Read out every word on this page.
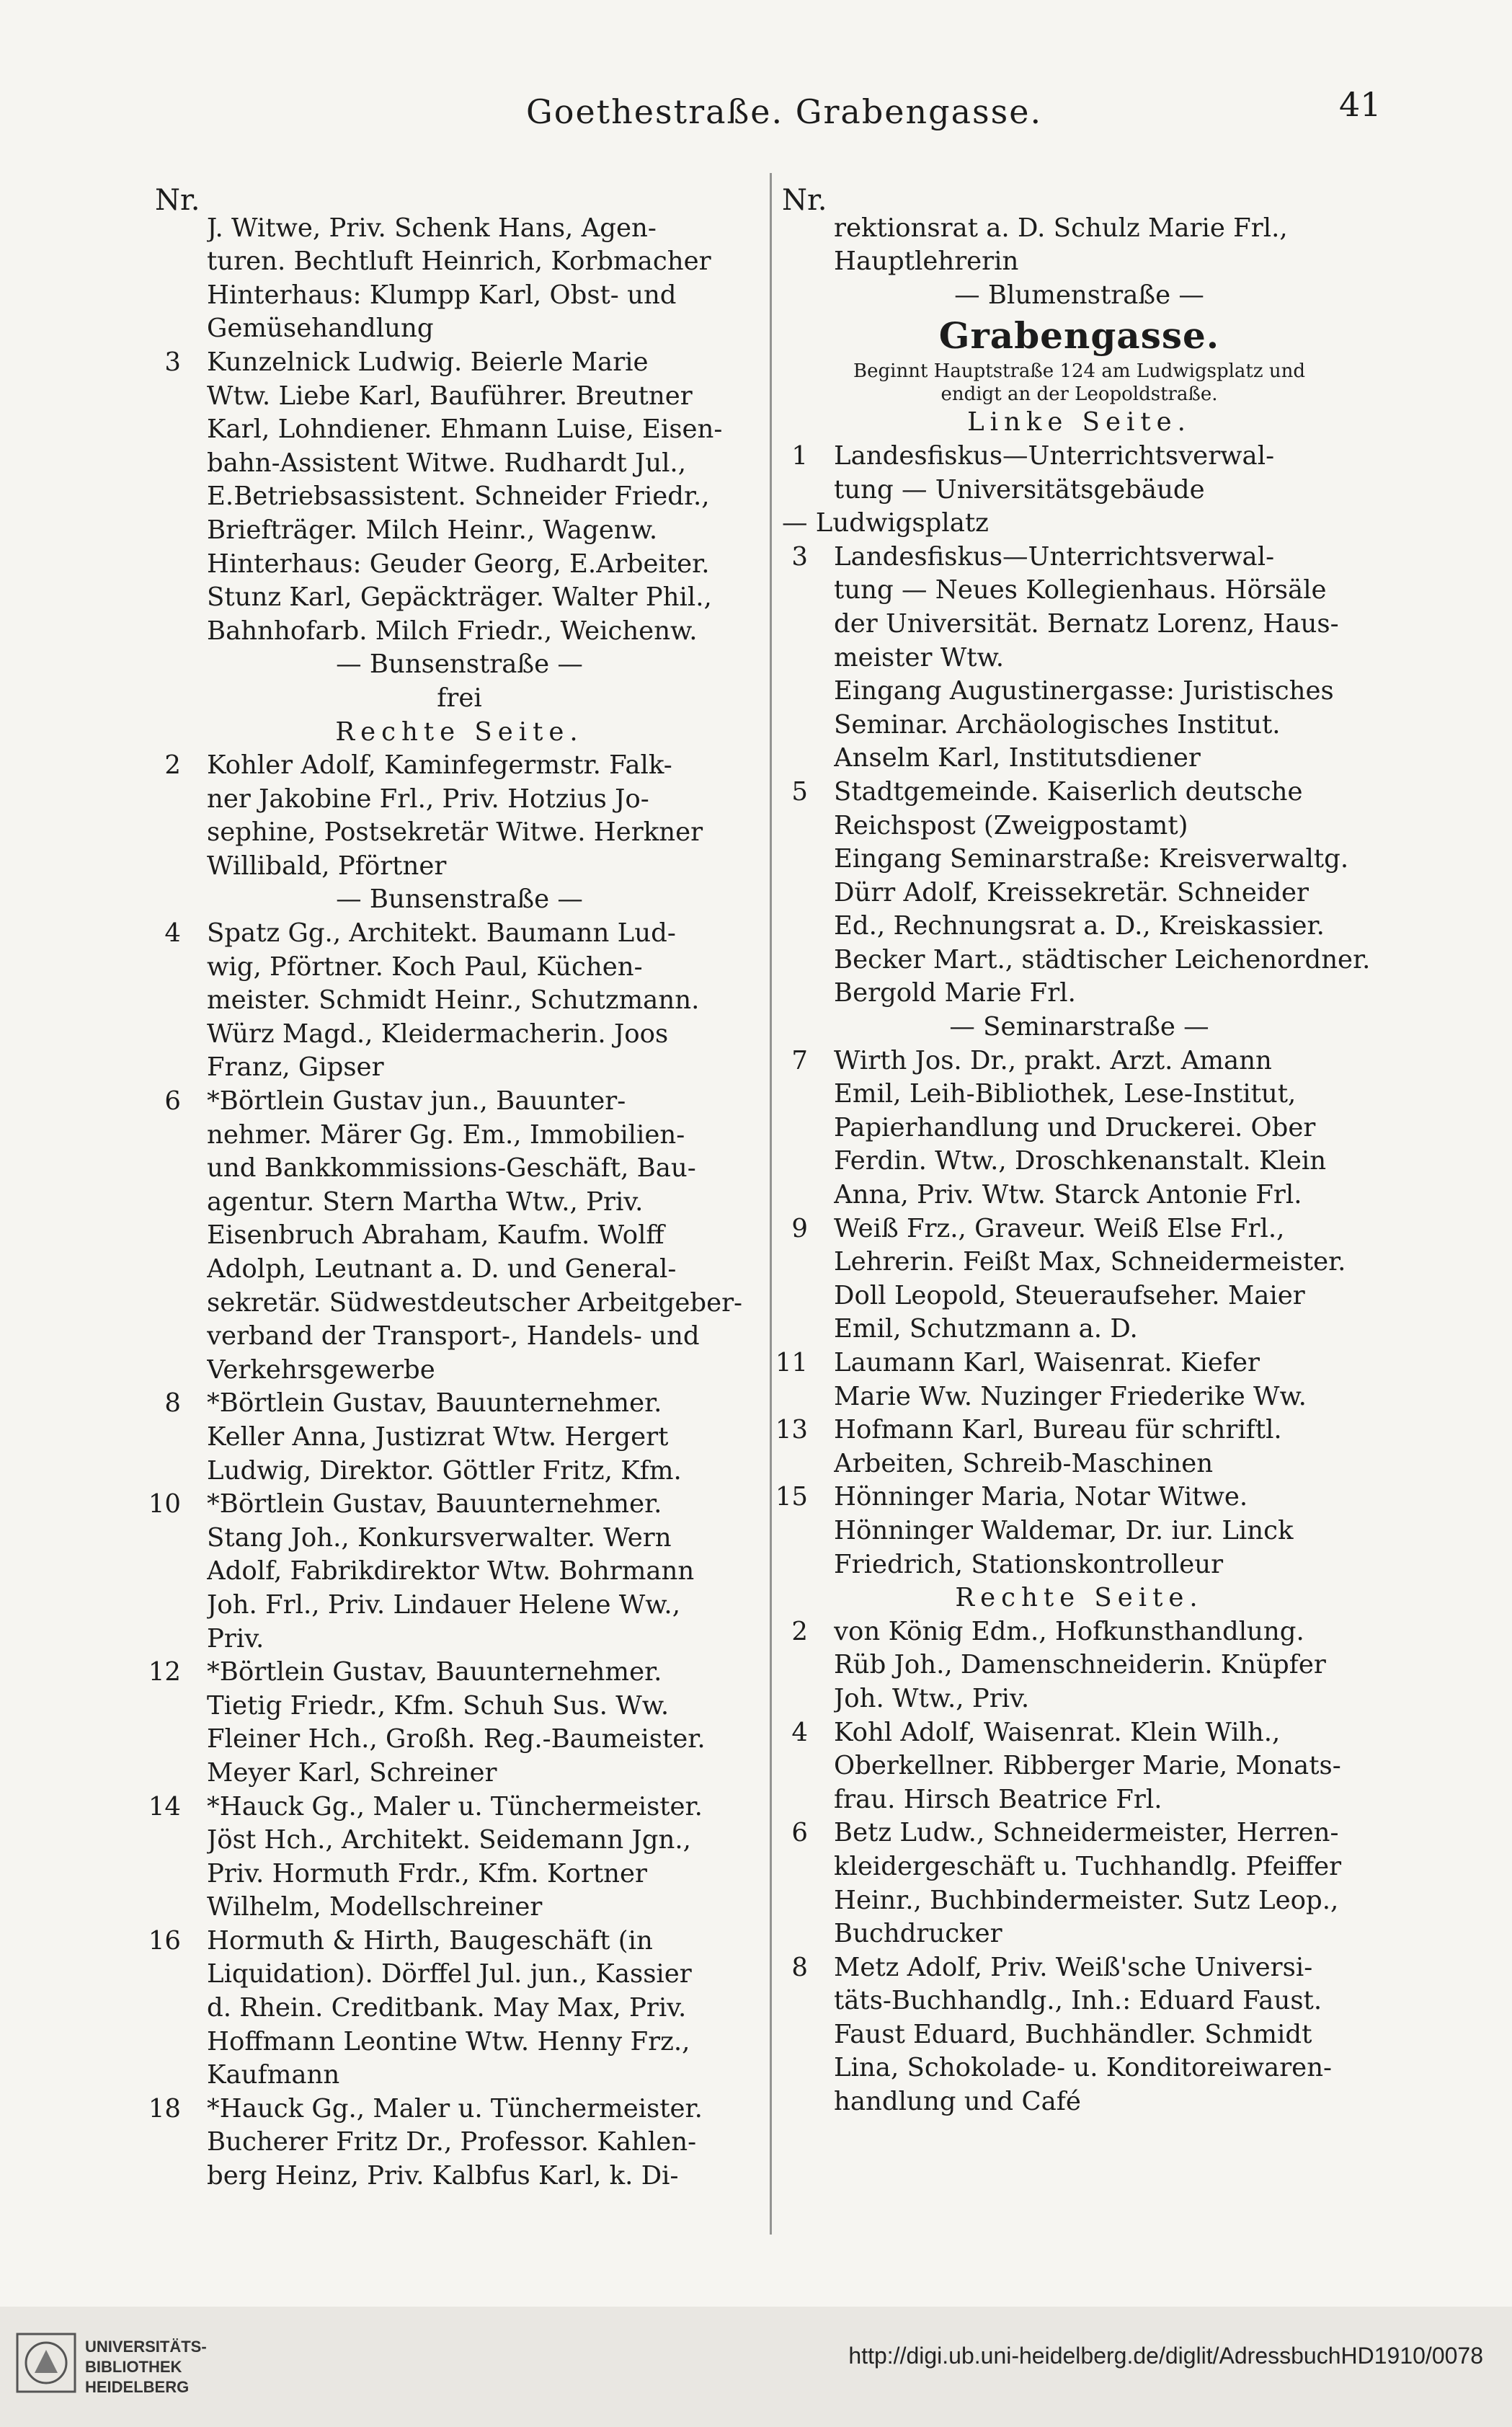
Goethestraße. Grabengasse.	41
Nr.
J. Witwe, Priv. Schenk Hans, Agen-
turen. Bechtluft Heinrich, Korbmacher
Hinterhaus: Klumpp Karl, Obst- und
Gemüsehandlung
3 Kunzelnick Ludwig. Beierle Marie
Wtw. Liebe Karl, Bauführer. Breutner
Karl, Lohndiener. Ehmann Luise, Eisen-
bahn-Assistent Witwe. Rudhardt Jul.,
E.Betriebsassistent. Schneider Friedr.,
Briefträger. Milch Heinr., Wagenw.
Hinterhaus: Geuder Georg, E.Arbeiter.
Stunz Karl, Gepäckträger. Walter Phil.,
Bahnhofarb. Milch Friedr., Weichenw.
— Bunsenstraße —
frei
Rechte Seite.
2 Kohler Adolf, Kaminfegermstr. Falk-
ner Jakobine Frl., Priv. Hotzius Jo-
sephine, Postsekretär Witwe. Herkner
Willibald, Pförtner
— Bunsenstraße —
4 Spatz Gg., Architekt. Baumann Lud-
wig, Pförtner. Koch Paul, Küchen-
meister. Schmidt Heinr., Schutzmann.
Würz Magd., Kleidermacherin. Joos
Franz, Gipser
6 *Börtlein Gustav jun., Bauunter-
nehmer. Märer Gg. Em., Immobilien-
und Bankkommissions-Geschäft, Bau-
agentur. Stern Martha Wtw., Priv.
Eisenbruch Abraham, Kaufm. Wolff
Adolph, Leutnant a. D. und General-
sekretär. Südwestdeutscher Arbeitgeber-
verband der Transport-, Handels- und
Verkehrsgewerbe
8 *Börtlein Gustav, Bauunternehmer.
Keller Anna, Justizrat Wtw. Hergert
Ludwig, Direktor. Göttler Fritz, Kfm.
10 *Börtlein Gustav, Bauunternehmer.
Stang Joh., Konkursverwalter. Wern
Adolf, Fabrikdirektor Wtw. Bohrmann
Joh. Frl., Priv. Lindauer Helene Ww.,
Priv.
12 *Börtlein Gustav, Bauunternehmer.
Tietig Friedr., Kfm. Schuh Sus. Ww.
Fleiner Hch., Großh. Reg.-Baumeister.
Meyer Karl, Schreiner
14 *Hauck Gg., Maler u. Tünchermeister.
Jöst Hch., Architekt. Seidemann Jgn.,
Priv. Hormuth Frdr., Kfm. Kortner
Wilhelm, Modellschreiner
16 Hormuth & Hirth, Baugeschäft (in
Liquidation). Dörffel Jul. jun., Kassier
d. Rhein. Creditbank. May Max, Priv.
Hoffmann Leontine Wtw. Henny Frz.,
Kaufmann
18 *Hauck Gg., Maler u. Tünchermeister.
Bucherer Fritz Dr., Professor. Kahlen-
berg Heinz, Priv. Kalbfus Karl, k. Di-
Nr.
rektionsrat a. D. Schulz Marie Frl.,
Hauptlehrerin
— Blumenstraße —
Grabengasse.
Beginnt Hauptstraße 124 am Ludwigsplatz und
endigt an der Leopoldstraße.
Linke Seite.
1 Landesfiskus—Unterrichtsverwal-
tung — Universitätsgebäude
— Ludwigsplatz
3 Landesfiskus—Unterrichtsverwal-
tung — Neues Kollegienhaus. Hörsäle
der Universität. Bernatz Lorenz, Haus-
meister Wtw.
Eingang Augustinergasse: Juristisches
Seminar. Archäologisches Institut.
Anselm Karl, Institutsdiener
5 Stadtgemeinde. Kaiserlich deutsche
Reichspost (Zweigpostamt)
Eingang Seminarstraße: Kreisverwaltg.
Dürr Adolf, Kreissekretär. Schneider
Ed., Rechnungsrat a. D., Kreiskassier.
Becker Mart., städtischer Leichenordner.
Bergold Marie Frl.
— Seminarstraße —
7 Wirth Jos. Dr., prakt. Arzt. Amann
Emil, Leih-Bibliothek, Lese-Institut,
Papierhandlung und Druckerei. Ober
Ferdin. Wtw., Droschkenanstalt. Klein
Anna, Priv. Wtw. Starck Antonie Frl.
9 Weiß Frz., Graveur. Weiß Else Frl.,
Lehrerin. Feißt Max, Schneidermeister.
Doll Leopold, Steueraufseher. Maier
Emil, Schutzmann a. D.
11 Laumann Karl, Waisenrat. Kiefer
Marie Ww. Nuzinger Friederike Ww.
13 Hofmann Karl, Bureau für schriftl.
Arbeiten, Schreib-Maschinen
15 Hönninger Maria, Notar Witwe.
Hönninger Waldemar, Dr. iur. Linck
Friedrich, Stationskontrolleur
Rechte Seite.
2 von König Edm., Hofkunsthandlung.
Rüb Joh., Damenschneiderin. Knüpfer
Joh. Wtw., Priv.
4 Kohl Adolf, Waisenrat. Klein Wilh.,
Oberkellner. Ribberger Marie, Monats-
frau. Hirsch Beatrice Frl.
6 Betz Ludw., Schneidermeister, Herren-
kleidergeschäft u. Tuchhandlg. Pfeiffer
Heinr., Buchbindermeister. Sutz Leop.,
Buchdrucker
8 Metz Adolf, Priv. Weiß'sche Universi-
täts-Buchhandlg., Inh.: Eduard Faust.
Faust Eduard, Buchhändler. Schmidt
Lina, Schokolade- u. Konditoreiwaren-
handlung und Café
UNIVERSITÄTS-
BIBLIOTHEK
HEIDELBERG
http://digi.ub.uni-heidelberg.de/diglit/AdressbuchHD1910/0078
